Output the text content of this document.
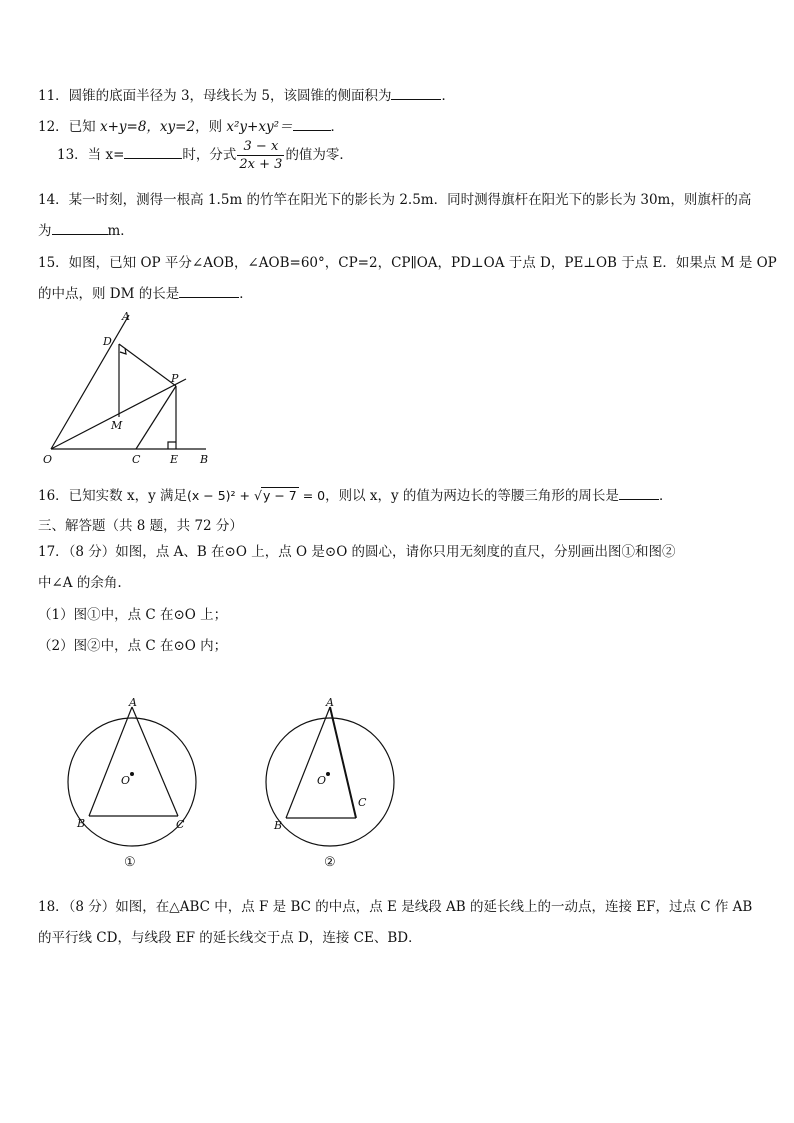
11．圆锥的底面半径为 3，母线长为 5，该圆锥的侧面积为	．
12．已知 x+y=8，xy=2，则 x²y+xy²＝	．
13．当 x=	时，分式 $\frac{3 - x}{2x + 3}$ 的值为零．
14．某一时刻，测得一根高 1.5m 的竹竿在阳光下的影长为 2.5m．同时测得旗杆在阳光下的影长为 30m，则旗杆的高
为	m．
15．如图，已知 OP 平分∠AOB，∠AOB=60°，CP=2，CP∥OA，PD⊥OA 于点 D，PE⊥OB 于点 E．如果点 M 是 OP
的中点，则 DM 的长是	．
A
D
P
M
O	C	E B
16．已知实数 x，y 满足(x − 5)² + √y − 7 = 0，则以 x，y 的值为两边长的等腰三角形的周长是	．
三、解答题（共 8 题，共 72 分）
17．（8 分）如图，点 A、B 在⊙O 上，点 O 是⊙O 的圆心，请你只用无刻度的直尺，分别画出图①和图②
中∠A 的余角.
（1）图①中，点 C 在⊙O 上；
（2）图②中，点 C 在⊙O 内；
A
B	C
O
①
A
B
C
O
②
18．（8 分）如图，在△ABC 中，点 F 是 BC 的中点，点 E 是线段 AB 的延长线上的一动点，连接 EF，过点 C 作 AB
的平行线 CD，与线段 EF 的延长线交于点 D，连接 CE、BD．
